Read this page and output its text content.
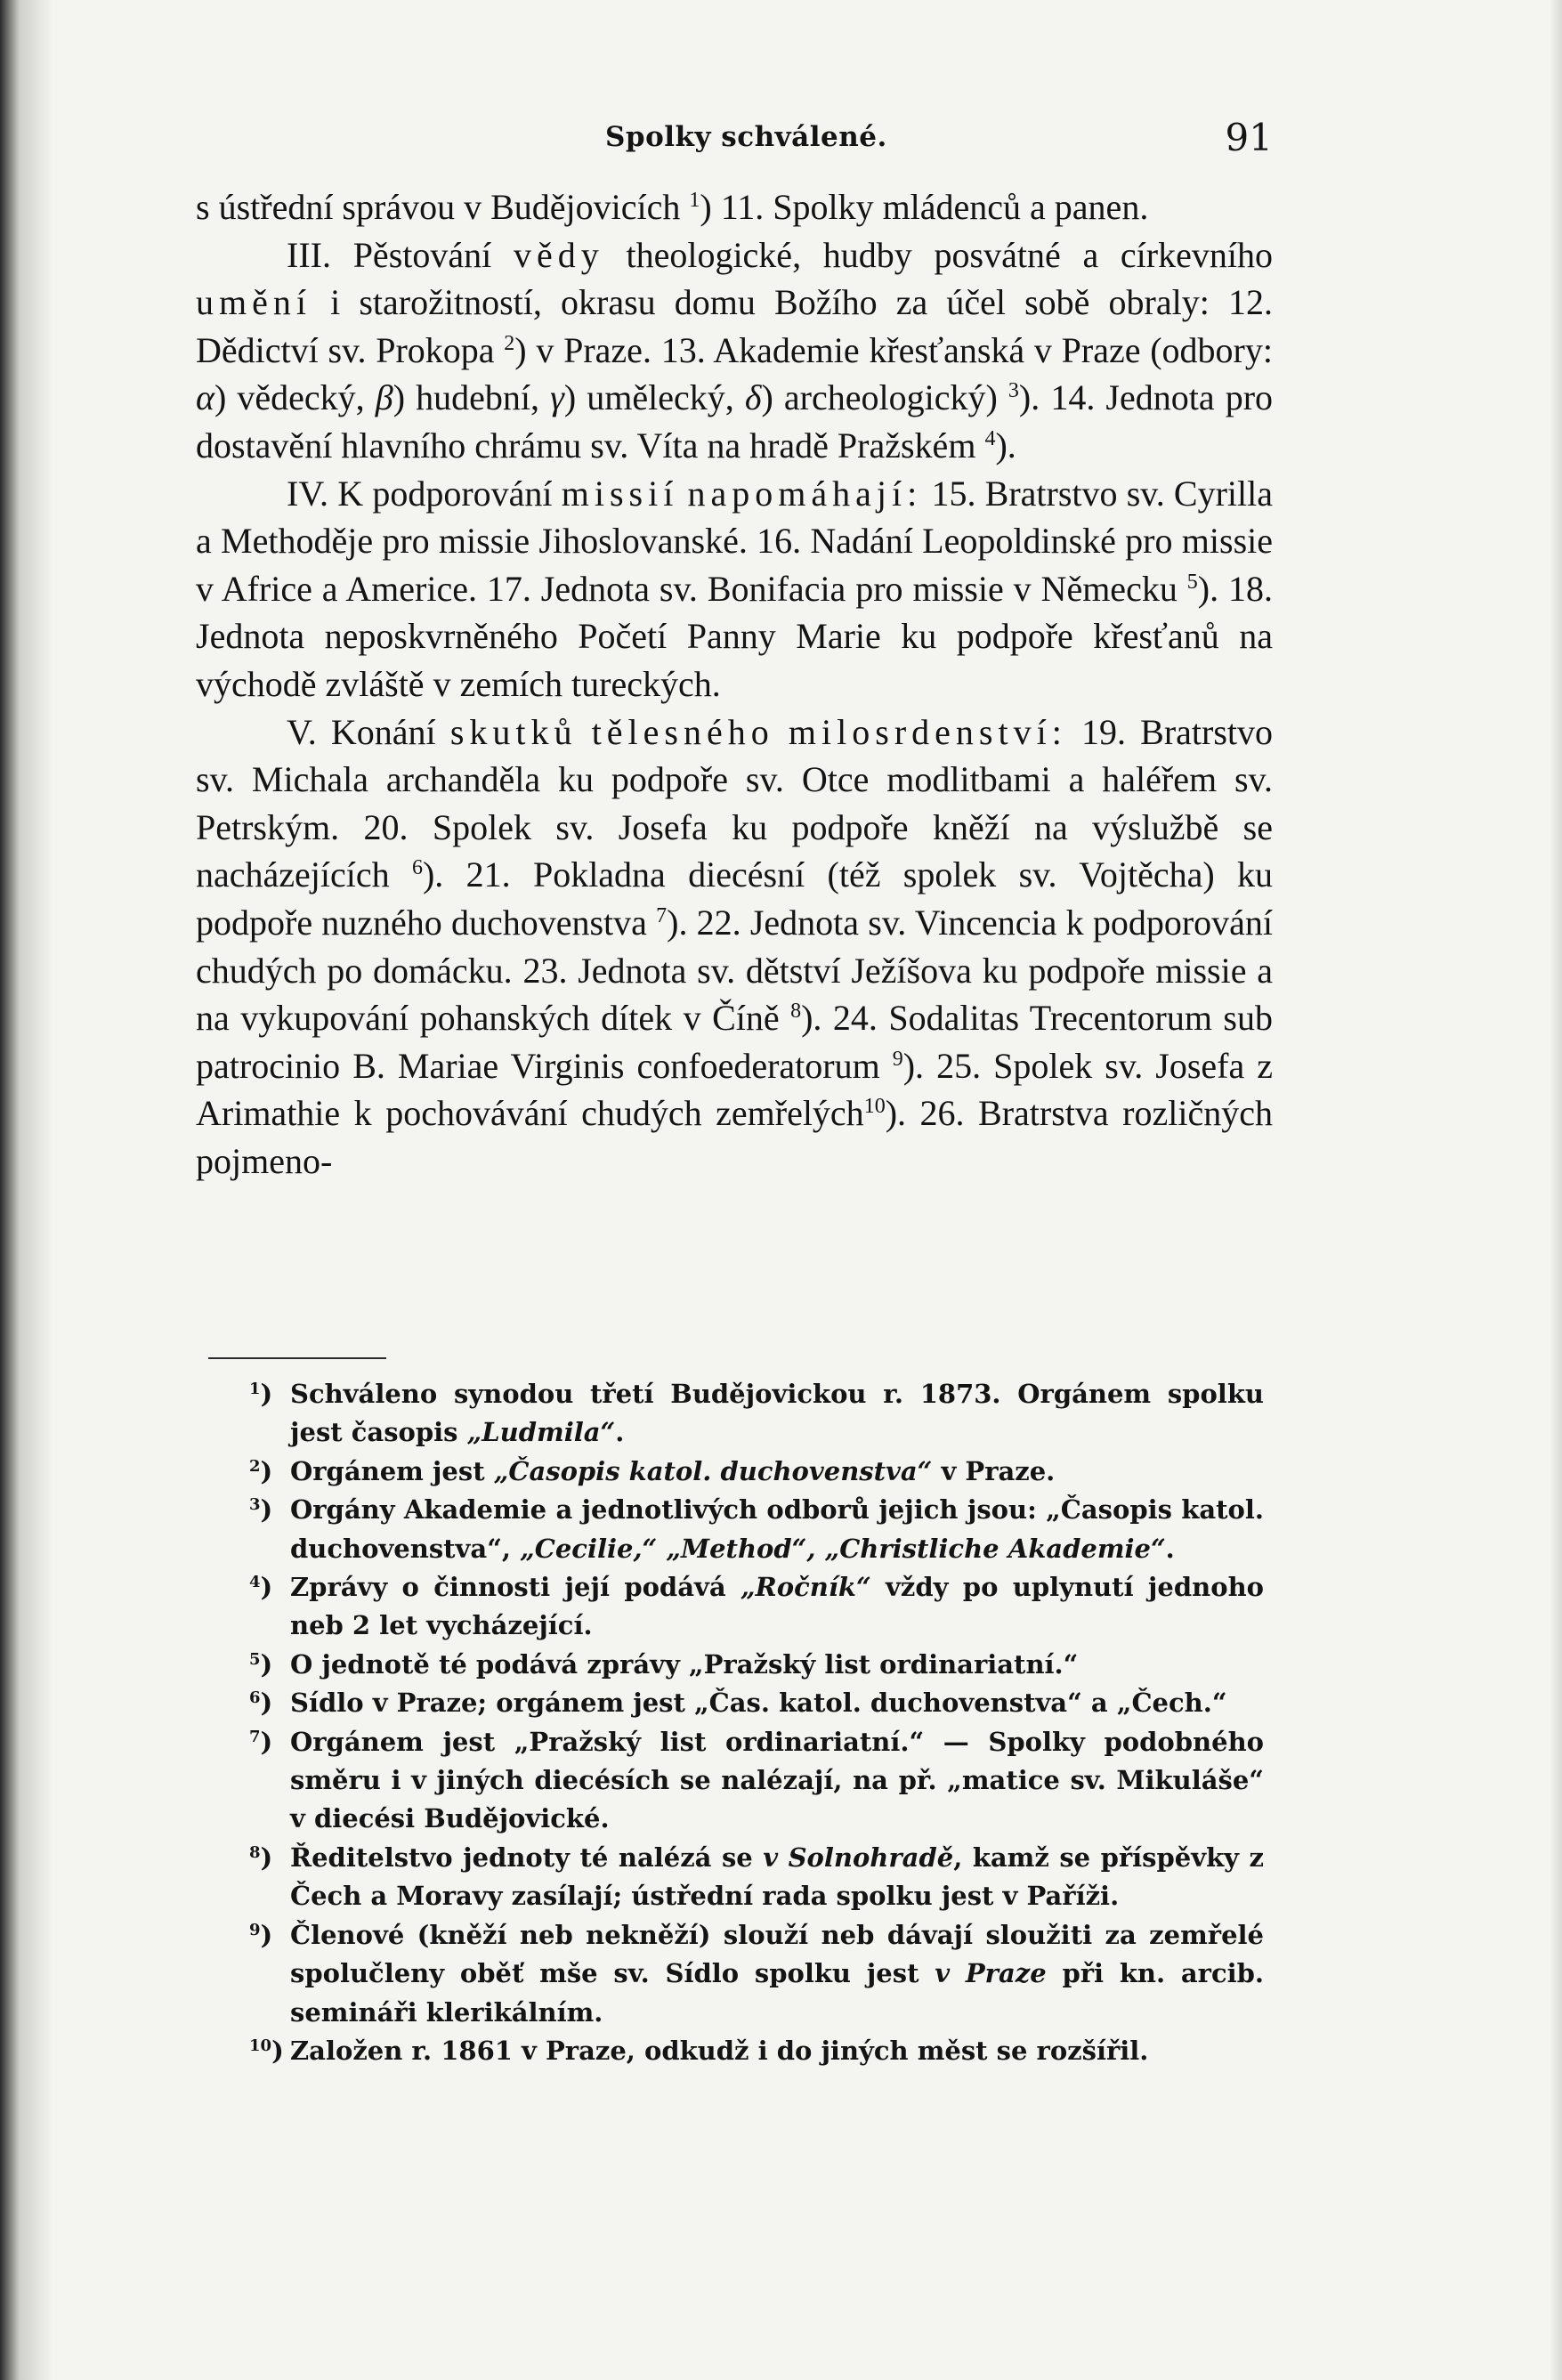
Spolky schválené.	91

s ústřední správou v Budějovicích $^1$) 11. Spolky mládenců a panen.

III. Pěstování vědy theologické, hudby posvátné a církevního umění i starožitností, okrasu domu Božího za účel sobě obraly: 12. Dědictví sv. Prokopa $^2$) v Praze. 13. Akademie křesťanská v Praze (odbory: α) vědecký, β) hudební, γ) umělecký, δ) archeologický) $^3$). 14. Jednota pro dostavění hlavního chrámu sv. Víta na hradě Pražském $^4$).

IV. K podporování missií napomáhají: 15. Bratrstvo sv. Cyrilla a Methoděje pro missie Jihoslovanské. 16. Nadání Leopoldinské pro missie v Africe a Americe. 17. Jednota sv. Bonifacia pro missie v Německu $^5$). 18. Jednota neposkvrněného Početí Panny Marie ku podpoře křesťanů na východě zvláště v zemích tureckých.

V. Konání skutků tělesného milosrdenství: 19. Bratrstvo sv. Michala archanděla ku podpoře sv. Otce modlitbami a haléřem sv. Petrským. 20. Spolek sv. Josefa ku podpoře kněží na výslužbě se nacházejících $^6$). 21. Pokladna diecésní (též spolek sv. Vojtěcha) ku podpoře nuzného duchovenstva $^7$). 22. Jednota sv. Vincencia k podporování chudých po domácku. 23. Jednota sv. dětství Ježíšova ku podpoře missie a na vykupování pohanských dítek v Číně $^8$). 24. Sodalitas Trecentorum sub patrocinio B. Mariae Virginis confoederatorum $^9$). 25. Spolek sv. Josefa z Arimathie k pochovávání chudých zemřelých$^{10}$). 26. Bratrstva rozličných pojmeno-

$^1$) Schváleno synodou třetí Budějovickou r. 1873. Orgánem spolku jest časopis „Ludmila“.
$^2$) Orgánem jest „Časopis katol. duchovenstva“ v Praze.
$^3$) Orgány Akademie a jednotlivých odborů jejich jsou: „Časopis katol. duchovenstva“, „Cecilie,“ „Method“, „Christliche Akademie“.
$^4$) Zprávy o činnosti její podává „Ročník“ vždy po uplynutí jednoho neb 2 let vycházející.
$^5$) O jednotě té podává zprávy „Pražský list ordinariatní.“
$^6$) Sídlo v Praze; orgánem jest „Čas. katol. duchovenstva“ a „Čech.“
$^7$) Orgánem jest „Pražský list ordinariatní.“ — Spolky podobného směru i v jiných diecésích se nalézají, na př. „matice sv. Mikuláše“ v diecési Budějovické.
$^8$) Ředitelstvo jednoty té nalézá se v Solnohradě, kamž se příspěvky z Čech a Moravy zasílají; ústřední rada spolku jest v Paříži.
$^9$) Členové (kněží neb nekněží) slouží neb dávají sloužiti za zemřelé spolučleny oběť mše sv. Sídlo spolku jest v Praze při kn. arcib. semináři klerikálním.
$^{10}$) Založen r. 1861 v Praze, odkudž i do jiných měst se rozšířil.
